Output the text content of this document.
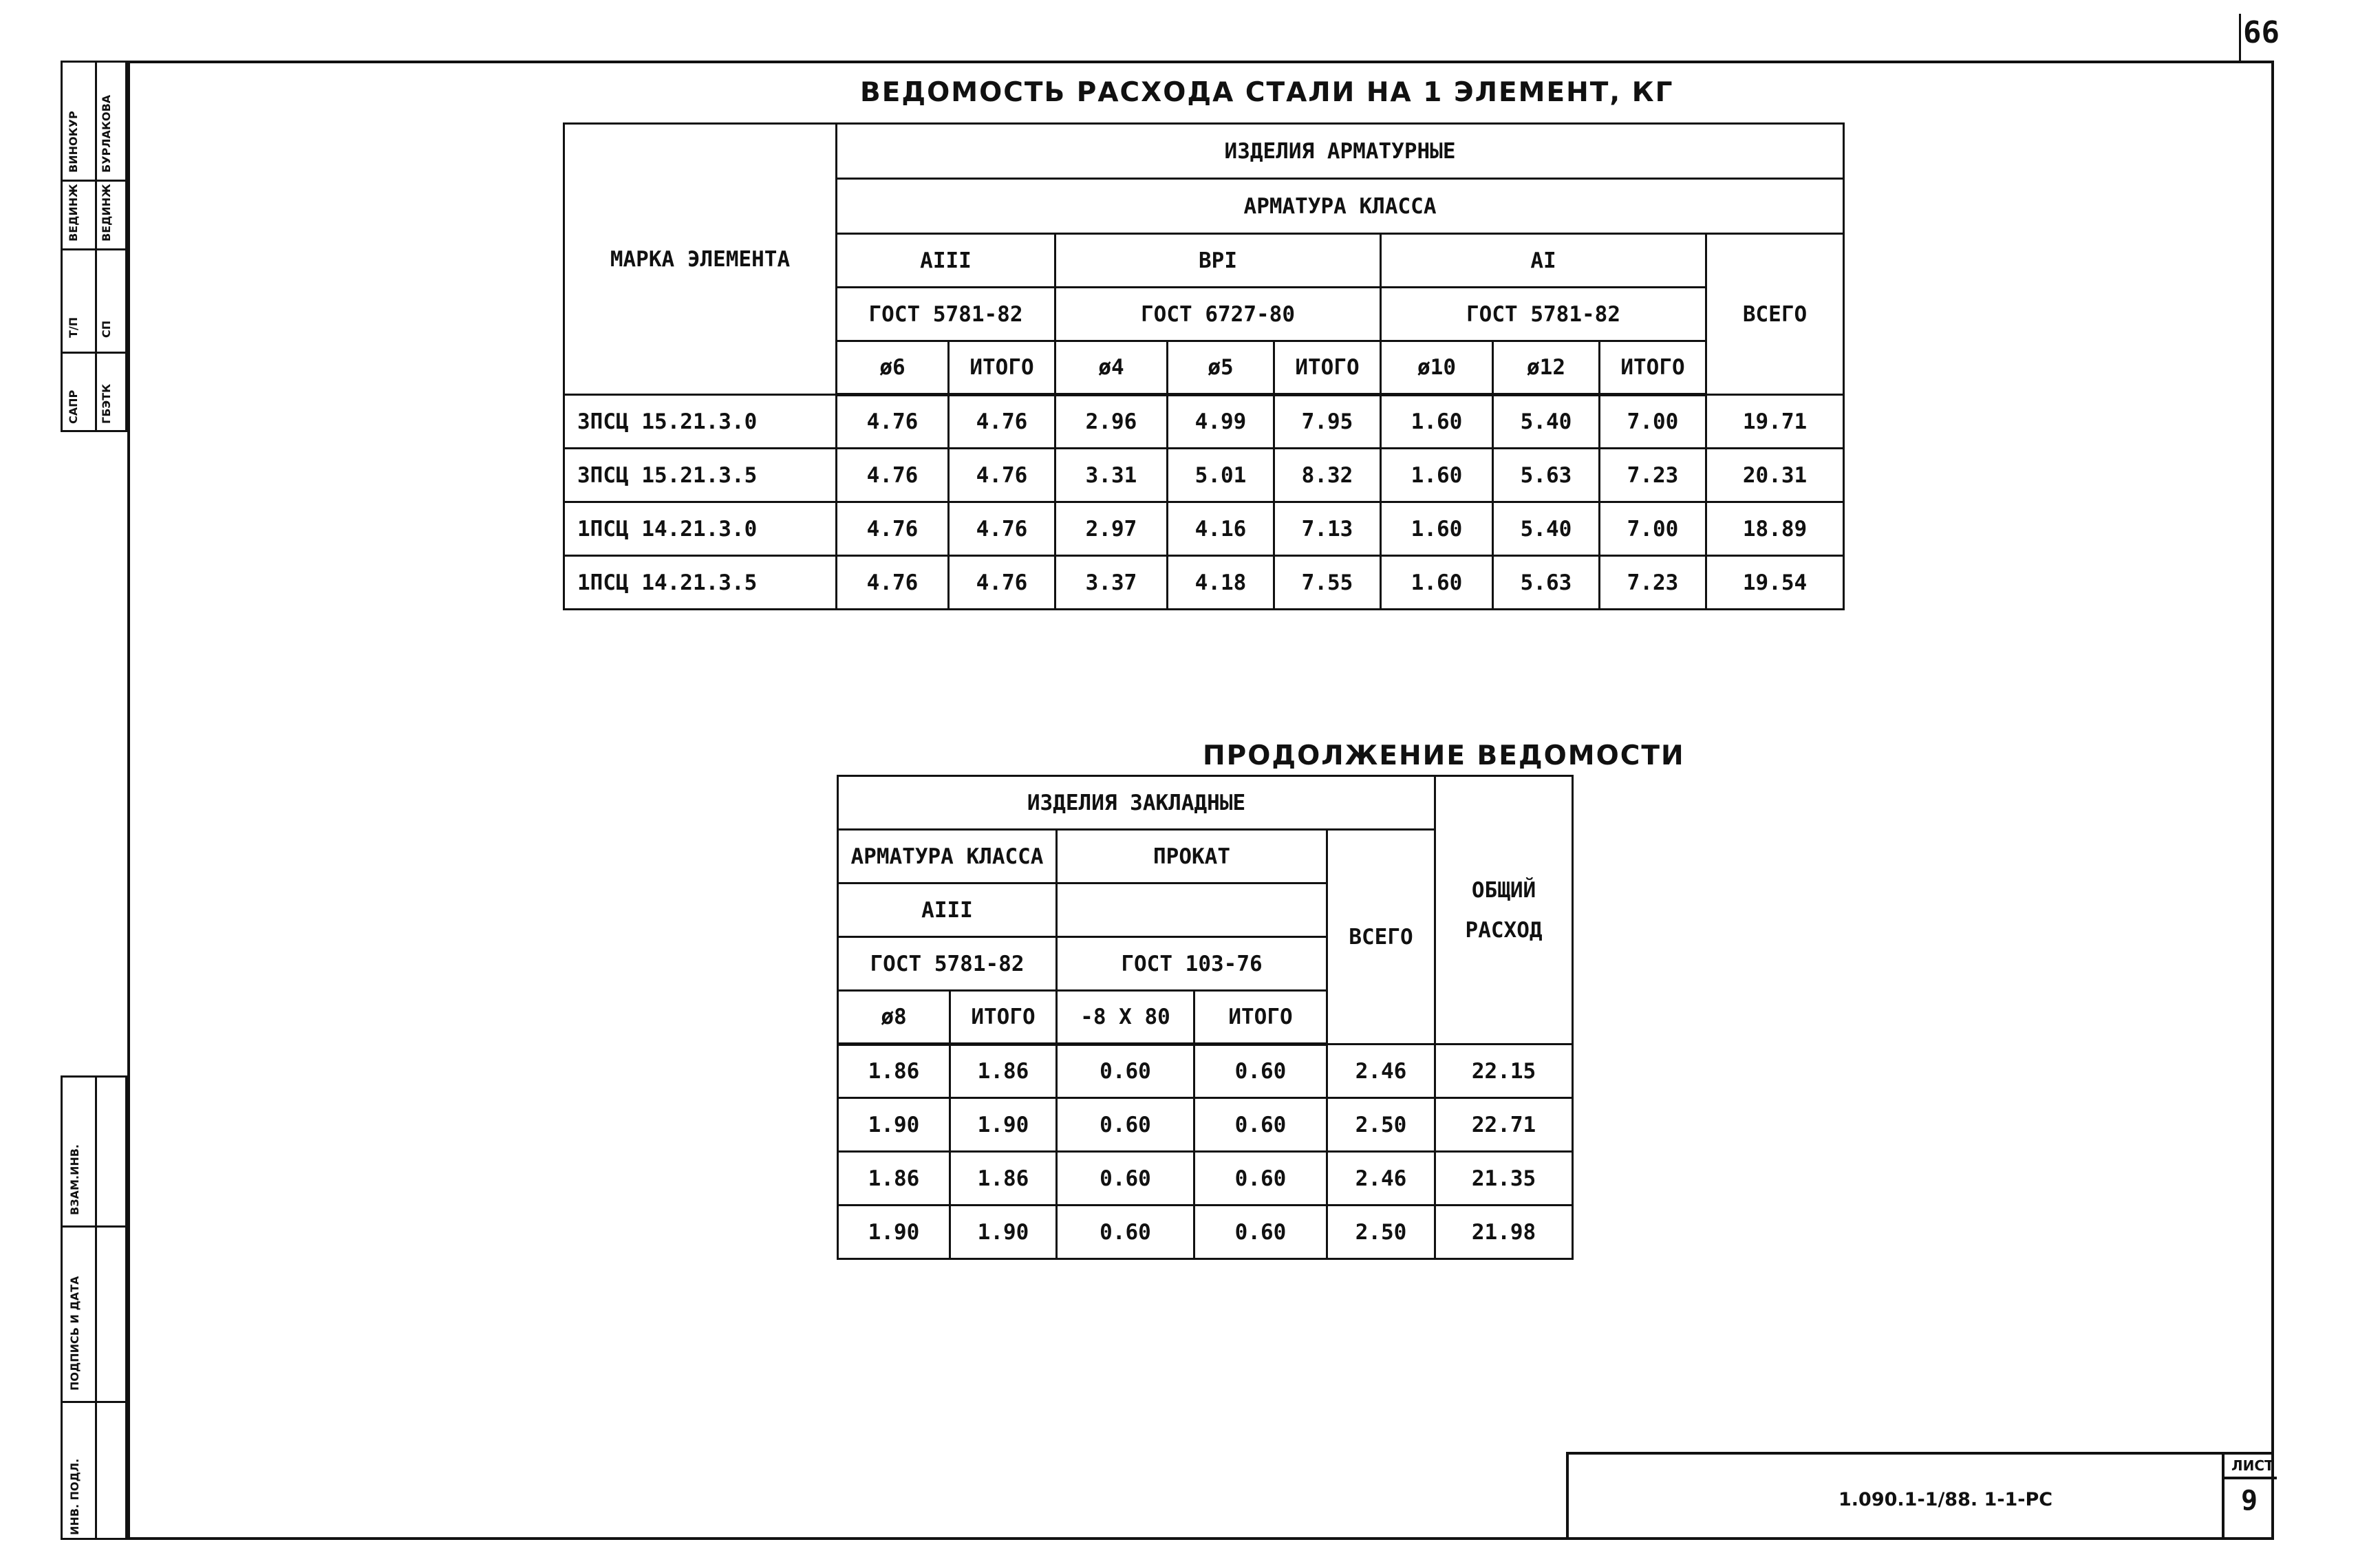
66
ВИНОКУР
ВЕДИНЖ
Т/П
САПР
БУРЛАКОВА
ВЕДИНЖ
СП
ГБЭТК
ВЗАМ.ИНВ.
ПОДПИСЬ И ДАТА
ИНВ. ПОДЛ.
ВЕДОМОСТЬ РАСХОДА СТАЛИ НА 1 ЭЛЕМЕНТ, КГ
МАРКА ЭЛЕМЕНТА	ИЗДЕЛИЯ АРМАТУРНЫЕ								
	АРМАТУРА КЛАССА								
	AIII		ВРI			AI			ВСЕГО
	ГОСТ 5781-82		ГОСТ 6727-80			ГОСТ 5781-82			
	ø6	ИТОГО	ø4	ø5	ИТОГО	ø10	ø12	ИТОГО	
3ПСЦ 15.21.3.0	4.76	4.76	2.96	4.99	7.95	1.60	5.40	7.00	19.71
3ПСЦ 15.21.3.5	4.76	4.76	3.31	5.01	8.32	1.60	5.63	7.23	20.31
1ПСЦ 14.21.3.0	4.76	4.76	2.97	4.16	7.13	1.60	5.40	7.00	18.89
1ПСЦ 14.21.3.5	4.76	4.76	3.37	4.18	7.55	1.60	5.63	7.23	19.54
ПРОДОЛЖЕНИЕ ВЕДОМОСТИ
ИЗДЕЛИЯ ЗАКЛАДНЫЕ					ОБЩИЙ
РАСХОД
АРМАТУРА КЛАССА		ПРОКАТ		ВСЕГО	
AIII					
ГОСТ 5781-82		ГОСТ 103-76			
ø8	ИТОГО	-8 X 80	ИТОГО		
1.86	1.86	0.60	0.60	2.46	22.15
1.90	1.90	0.60	0.60	2.50	22.71
1.86	1.86	0.60	0.60	2.46	21.35
1.90	1.90	0.60	0.60	2.50	21.98
1.090.1-1/88. 1-1-РС
ЛИСТ
9
